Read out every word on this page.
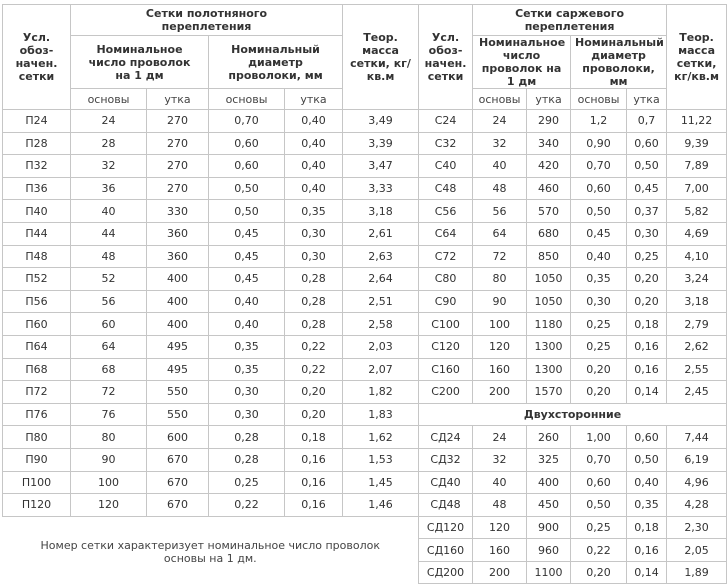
Усл.
обоз-
начен.
сетки	Сетки полотняного переплетения				Теор. масса сетки, кг/кв.м	Усл.
обоз-
начен.
сетки	Сетки саржевого переплетения				Теор. масса сетки, кг/кв.м
	Номинальное число проволок на 1 дм		Номинальный диаметр проволоки, мм				Номинальное число проволок на 1 дм		Номинальный диаметр проволоки, мм		
	основы	утка	основы	утка			основы	утка	основы	утка	
П24	24	270	0,70	0,40	3,49	С24	24	290	1,2	0,7	11,22
П28	28	270	0,60	0,40	3,39	С32	32	340	0,90	0,60	9,39
П32	32	270	0,60	0,40	3,47	С40	40	420	0,70	0,50	7,89
П36	36	270	0,50	0,40	3,33	С48	48	460	0,60	0,45	7,00
П40	40	330	0,50	0,35	3,18	С56	56	570	0,50	0,37	5,82
П44	44	360	0,45	0,30	2,61	С64	64	680	0,45	0,30	4,69
П48	48	360	0,45	0,30	2,63	С72	72	850	0,40	0,25	4,10
П52	52	400	0,45	0,28	2,64	С80	80	1050	0,35	0,20	3,24
П56	56	400	0,40	0,28	2,51	С90	90	1050	0,30	0,20	3,18
П60	60	400	0,40	0,28	2,58	С100	100	1180	0,25	0,18	2,79
П64	64	495	0,35	0,22	2,03	С120	120	1300	0,25	0,16	2,62
П68	68	495	0,35	0,22	2,07	С160	160	1300	0,20	0,16	2,55
П72	72	550	0,30	0,20	1,82	С200	200	1570	0,20	0,14	2,45
П76	76	550	0,30	0,20	1,83	Двухсторонние					
П80	80	600	0,28	0,18	1,62	СД24	24	260	1,00	0,60	7,44
П90	90	670	0,28	0,16	1,53	СД32	32	325	0,70	0,50	6,19
П100	100	670	0,25	0,16	1,45	СД40	40	400	0,60	0,40	4,96
П120	120	670	0,22	0,16	1,46	СД48	48	450	0,50	0,35	4,28
Номер сетки характеризует номинальное число проволок основы на 1 дм.						СД120	120	900	0,25	0,18	2,30
						СД160	160	960	0,22	0,16	2,05
						СД200	200	1100	0,20	0,14	1,89
